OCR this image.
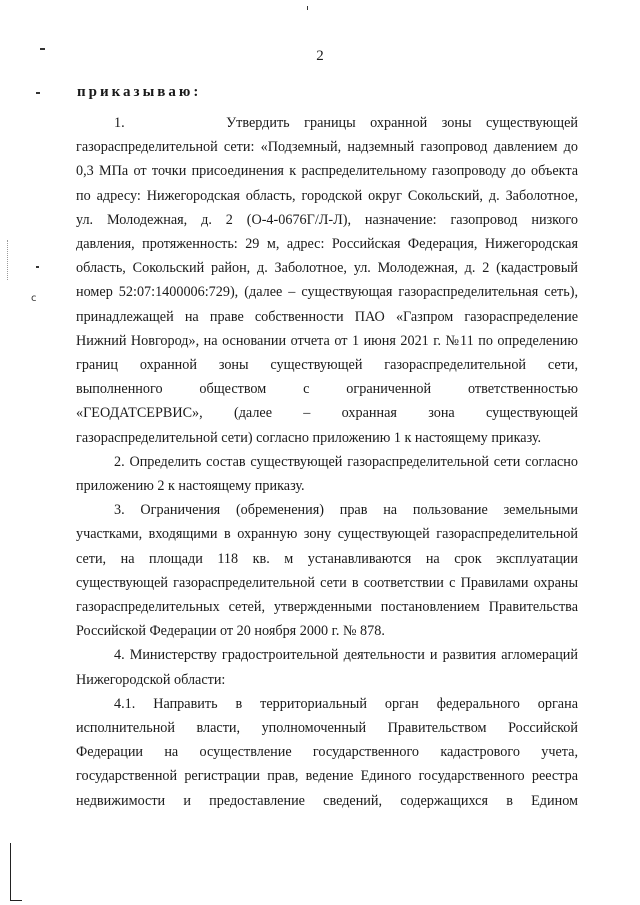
2
приказываю:
1.       Утвердить границы охранной зоны существующей
газораспределительной сети: «Подземный, надземный газопровод давлением до
0,3 МПа от точки присоединения к распределительному газопроводу до объекта
по адресу: Нижегородская область, городской округ Сокольский, д. Заболотное,
ул. Молодежная, д. 2 (О-4-0676Г/Л-Л), назначение: газопровод низкого
давления, протяженность: 29 м, адрес: Российская Федерация, Нижегородская
область, Сокольский район, д. Заболотное, ул. Молодежная, д. 2 (кадастровый
номер 52:07:1400006:729), (далее – существующая газораспределительная сеть),
принадлежащей на праве собственности ПАО «Газпром газораспределение
Нижний Новгород», на основании отчета от 1 июня 2021 г. №11 по определению
границ охранной зоны существующей газораспределительной сети,
выполненного обществом с ограниченной ответственностью
«ГЕОДАТСЕРВИС», (далее – охранная зона существующей
газораспределительной сети) согласно приложению 1 к настоящему приказу.
2. Определить состав существующей газораспределительной сети согласно
приложению 2 к настоящему приказу.
3. Ограничения (обременения) прав на пользование земельными
участками, входящими в охранную зону существующей газораспределительной
сети, на площади 118 кв. м устанавливаются на срок эксплуатации
существующей газораспределительной сети в соответствии с Правилами охраны
газораспределительных сетей, утвержденными постановлением Правительства
Российской Федерации от 20 ноября 2000 г. № 878.
4. Министерству градостроительной деятельности и развития агломераций
Нижегородской области:
4.1. Направить в территориальный орган федерального органа
исполнительной власти, уполномоченный Правительством Российской
Федерации на осуществление государственного кадастрового учета,
государственной регистрации прав, ведение Единого государственного реестра
недвижимости и предоставление сведений, содержащихся в Едином
c
